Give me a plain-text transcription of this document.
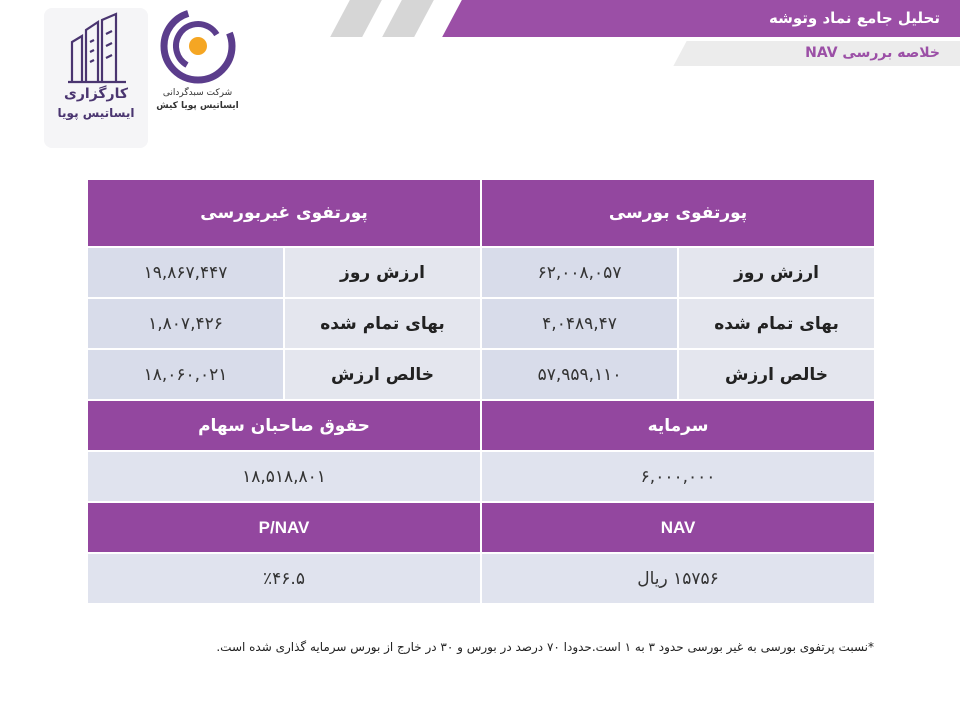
تحلیل جامع نماد وتوشه
خلاصه بررسی NAV
کارگزاری
ایساتیس پویا
شرکت سبدگردانی
ایساتیس پویا کیش
پورتفوی بورسی		پورتفوی غیربورسی	
ارزش روز	۶۲,۰۰۸,۰۵۷	ارزش روز	۱۹,۸۶۷,۴۴۷
بهای تمام شده	۴,۰۴۸۹,۴۷	بهای تمام شده	۱,۸۰۷,۴۲۶
خالص ارزش	۵۷,۹۵۹,۱۱۰	خالص ارزش	۱۸,۰۶۰,۰۲۱
سرمایه		حقوق صاحبان سهام	
۶,۰۰۰,۰۰۰		۱۸,۵۱۸,۸۰۱	
NAV		P/NAV	
۱۵۷۵۶ ریال		٪۴۶.۵	
*نسبت پرتفوی بورسی به غیر بورسی حدود ۳ به ۱ است.حدودا ۷۰ درصد در بورس و ۳۰ در خارج از بورس سرمایه گذاری شده است.
